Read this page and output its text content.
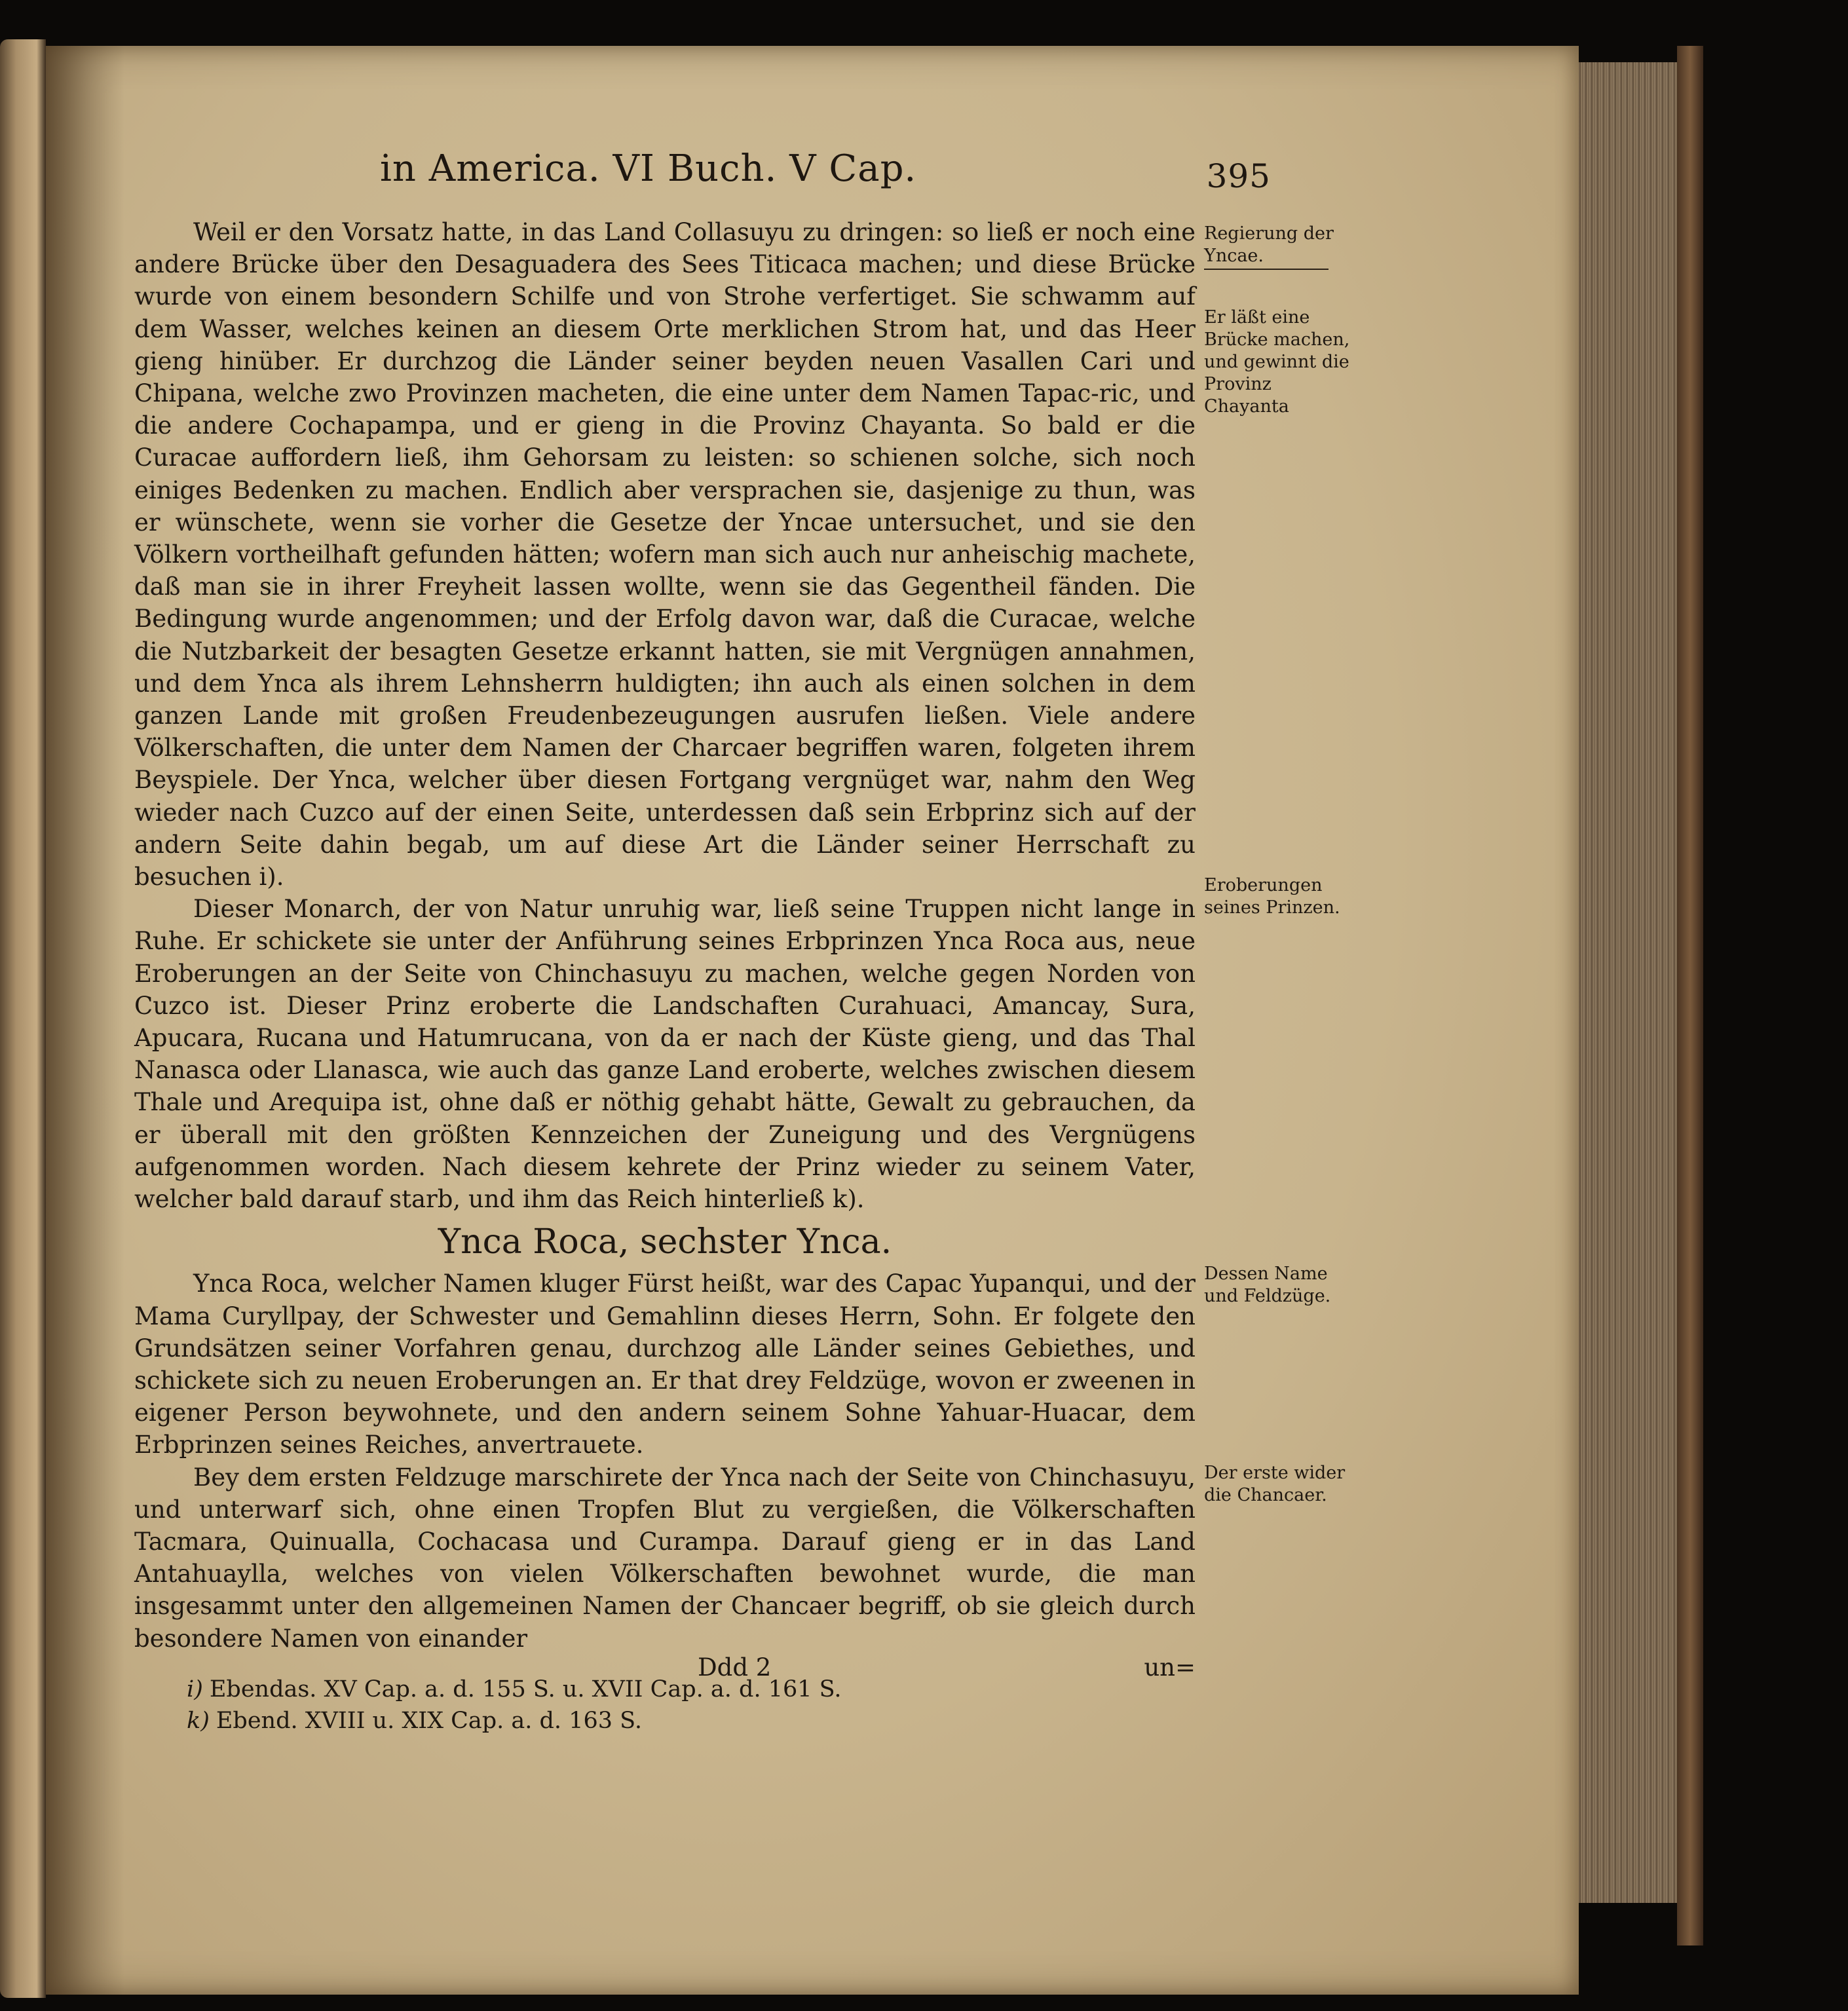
in America. VI Buch. V Cap.	395

Weil er den Vorsatz hatte, in das Land Collasuyu zu dringen: so ließ er noch eine andere Brücke über den Desaguadera des Sees Titicaca machen; und diese Brücke wurde von einem besondern Schilfe und von Strohe verfertiget. Sie schwamm auf dem Wasser, welches keinen an diesem Orte merklichen Strom hat, und das Heer gieng hinüber. Er durchzog die Länder seiner beyden neuen Vasallen Cari und Chipana, welche zwo Provinzen macheten, die eine unter dem Namen Tapac-ric, und die andere Cochapampa, und er gieng in die Provinz Chayanta. So bald er die Curacae auffordern ließ, ihm Gehorsam zu leisten: so schienen solche, sich noch einiges Bedenken zu machen. Endlich aber versprachen sie, dasjenige zu thun, was er wünschete, wenn sie vorher die Gesetze der Yncae untersuchet, und sie den Völkern vortheilhaft gefunden hätten; wofern man sich auch nur anheischig machete, daß man sie in ihrer Freyheit lassen wollte, wenn sie das Gegentheil fänden. Die Bedingung wurde angenommen; und der Erfolg davon war, daß die Curacae, welche die Nutzbarkeit der besagten Gesetze erkannt hatten, sie mit Vergnügen annahmen, und dem Ynca als ihrem Lehnsherrn huldigten; ihn auch als einen solchen in dem ganzen Lande mit großen Freudenbezeugungen ausrufen ließen. Viele andere Völkerschaften, die unter dem Namen der Charcaer begriffen waren, folgeten ihrem Beyspiele. Der Ynca, welcher über diesen Fortgang vergnüget war, nahm den Weg wieder nach Cuzco auf der einen Seite, unterdessen daß sein Erbprinz sich auf der andern Seite dahin begab, um auf diese Art die Länder seiner Herrschaft zu besuchen i).

Dieser Monarch, der von Natur unruhig war, ließ seine Truppen nicht lange in Ruhe. Er schickete sie unter der Anführung seines Erbprinzen Ynca Roca aus, neue Eroberungen an der Seite von Chinchasuyu zu machen, welche gegen Norden von Cuzco ist. Dieser Prinz eroberte die Landschaften Curahuaci, Amancay, Sura, Apucara, Rucana und Hatumrucana, von da er nach der Küste gieng, und das Thal Nanasca oder Llanasca, wie auch das ganze Land eroberte, welches zwischen diesem Thale und Arequipa ist, ohne daß er nöthig gehabt hätte, Gewalt zu gebrauchen, da er überall mit den größten Kennzeichen der Zuneigung und des Vergnügens aufgenommen worden. Nach diesem kehrete der Prinz wieder zu seinem Vater, welcher bald darauf starb, und ihm das Reich hinterließ k).

Ynca Roca, sechster Ynca.

Ynca Roca, welcher Namen kluger Fürst heißt, war des Capac Yupanqui, und der Mama Curyllpay, der Schwester und Gemahlinn dieses Herrn, Sohn. Er folgete den Grundsätzen seiner Vorfahren genau, durchzog alle Länder seines Gebiethes, und schickete sich zu neuen Eroberungen an. Er that drey Feldzüge, wovon er zweenen in eigener Person beywohnete, und den andern seinem Sohne Yahuar-Huacar, dem Erbprinzen seines Reiches, anvertrauete.

Bey dem ersten Feldzuge marschirete der Ynca nach der Seite von Chinchasuyu, und unterwarf sich, ohne einen Tropfen Blut zu vergießen, die Völkerschaften Tacmara, Quinualla, Cochacasa und Curampa. Darauf gieng er in das Land Antahuaylla, welches von vielen Völkerschaften bewohnet wurde, die man insgesammt unter den allgemeinen Namen der Chancaer begriff, ob sie gleich durch besondere Namen von einander

Ddd 2	un=

i) Ebendas. XV Cap. a. d. 155 S. u. XVII Cap. a. d. 161 S.

k) Ebend. XVIII u. XIX Cap. a. d. 163 S.

Regierung der Yncae.
Er läßt eine Brücke machen, und gewinnt die Provinz Chayanta
Eroberungen seines Prinzen.
Dessen Name und Feldzüge.
Der erste wider die Chancaer.
